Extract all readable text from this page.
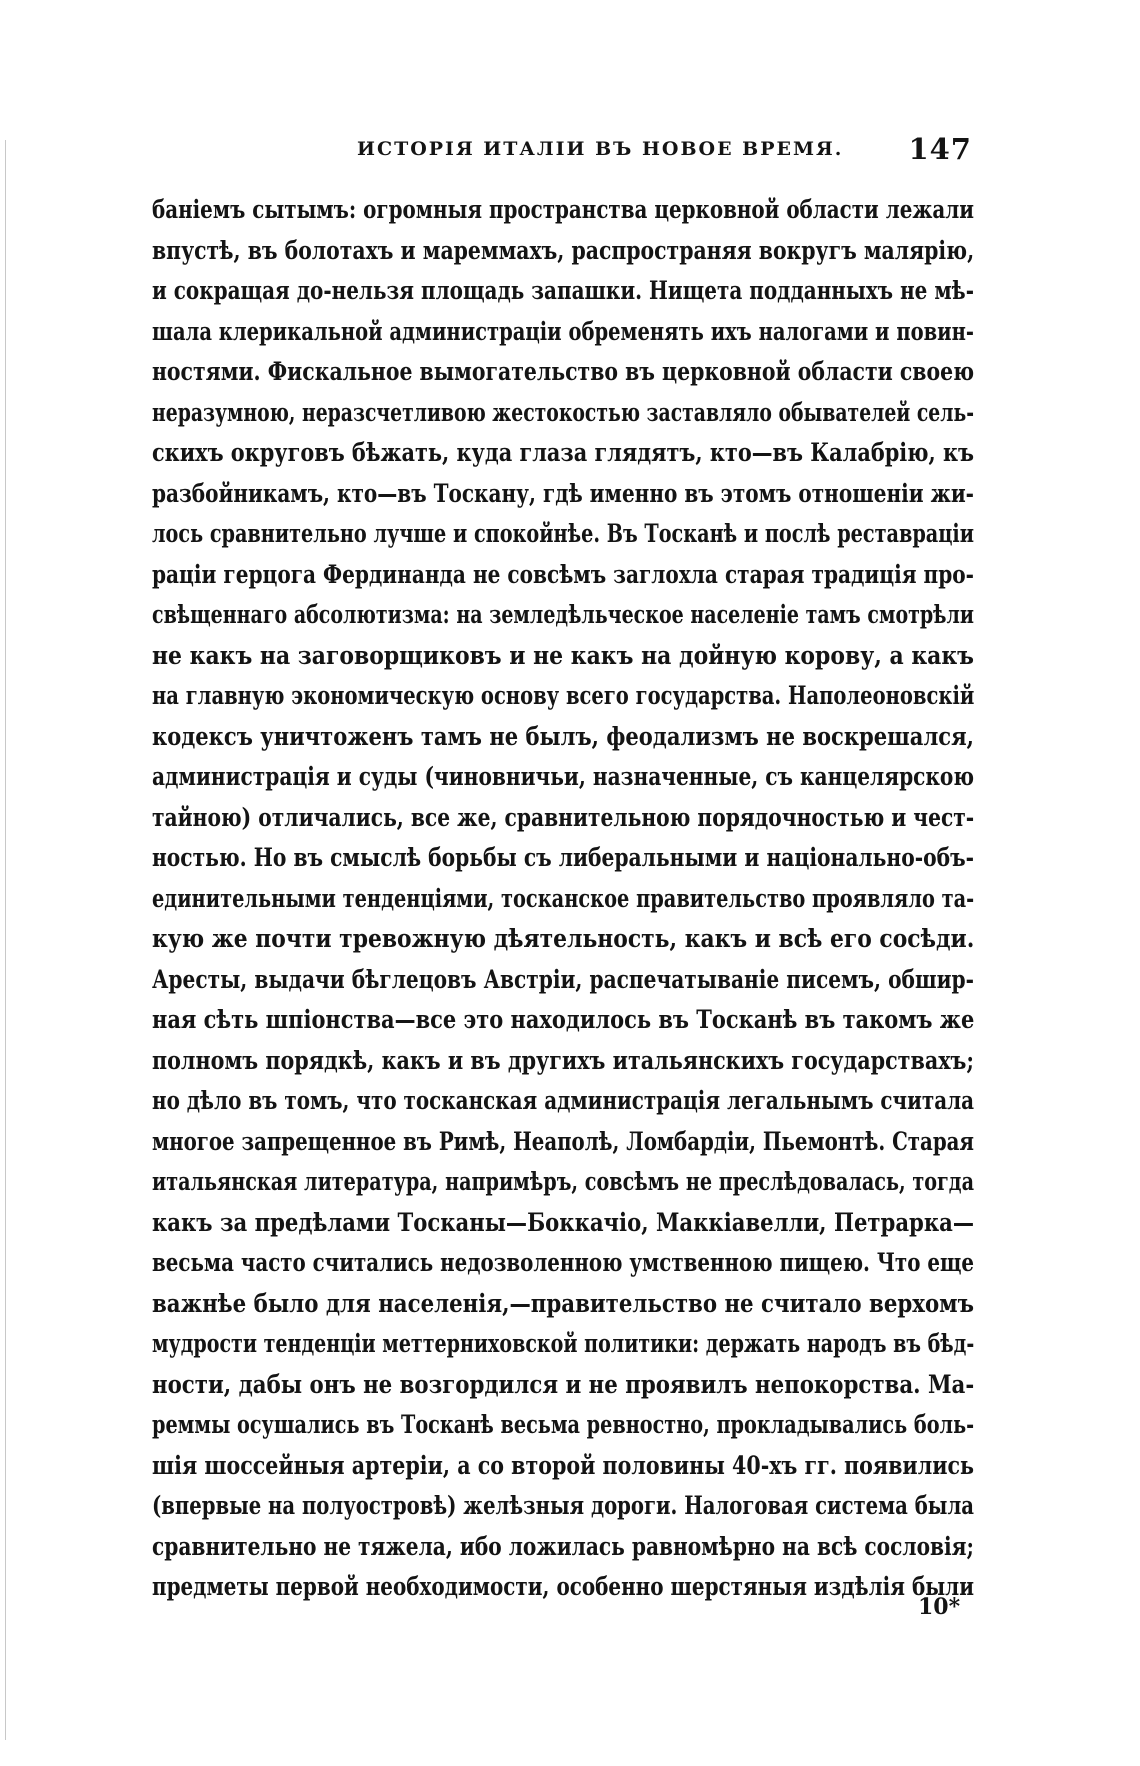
ИСТОРІЯ ИТАЛІИ ВЪ НОВОЕ ВРЕМЯ. 147
баніемъ сытымъ: огромныя пространства церковной области лежали
впустѣ, въ болотахъ и мареммахъ, распространяя вокругъ малярію,
и сокращая до-нельзя площадь запашки. Нищета подданныхъ не мѣ-
шала клерикальной администраціи обременять ихъ налогами и повин-
ностями. Фискальное вымогательство въ церковной области своею
неразумною, неразсчетливою жестокостью заставляло обывателей сель-
скихъ округовъ бѣжать, куда глаза глядятъ, кто—въ Калабрію, къ
разбойникамъ, кто—въ Тоскану, гдѣ именно въ этомъ отношеніи жи-
лось сравнительно лучше и спокойнѣе. Въ Тосканѣ и послѣ реставраціи
раціи герцога Фердинанда не совсѣмъ заглохла старая традиція про-
свѣщеннаго абсолютизма: на земледѣльческое населеніе тамъ смотрѣли
не какъ на заговорщиковъ и не какъ на дойную корову, а какъ
на главную экономическую основу всего государства. Наполеоновскій
кодексъ уничтоженъ тамъ не былъ, феодализмъ не воскрешался,
администрація и суды (чиновничьи, назначенные, съ канцелярскою
тайною) отличались, все же, сравнительною порядочностью и чест-
ностью. Но въ смыслѣ борьбы съ либеральными и національно-объ-
единительными тенденціями, тосканское правительство проявляло та-
кую же почти тревожную дѣятельность, какъ и всѣ его сосѣди.
Аресты, выдачи бѣглецовъ Австріи, распечатываніе писемъ, обшир-
ная сѣть шпіонства—все это находилось въ Тосканѣ въ такомъ же
полномъ порядкѣ, какъ и въ другихъ итальянскихъ государствахъ;
но дѣло въ томъ, что тосканская администрація легальнымъ считала
многое запрещенное въ Римѣ, Неаполѣ, Ломбардіи, Пьемонтѣ. Старая
итальянская литература, напримѣръ, совсѣмъ не преслѣдовалась, тогда
какъ за предѣлами Тосканы—Боккачіо, Маккіавелли, Петрарка—
весьма часто считались недозволенною умственною пищею. Что еще
важнѣе было для населенія,—правительство не считало верхомъ
мудрости тенденціи меттерниховской политики: держать народъ въ бѣд-
ности, дабы онъ не возгордился и не проявилъ непокорства. Ма-
реммы осушались въ Тосканѣ весьма ревностно, прокладывались боль-
шія шоссейныя артеріи, а со второй половины 40-хъ гг. появились
(впервые на полуостровѣ) желѣзныя дороги. Налоговая система была
сравнительно не тяжела, ибо ложилась равномѣрно на всѣ сословія;
предметы первой необходимости, особенно шерстяныя издѣлія были
10*
